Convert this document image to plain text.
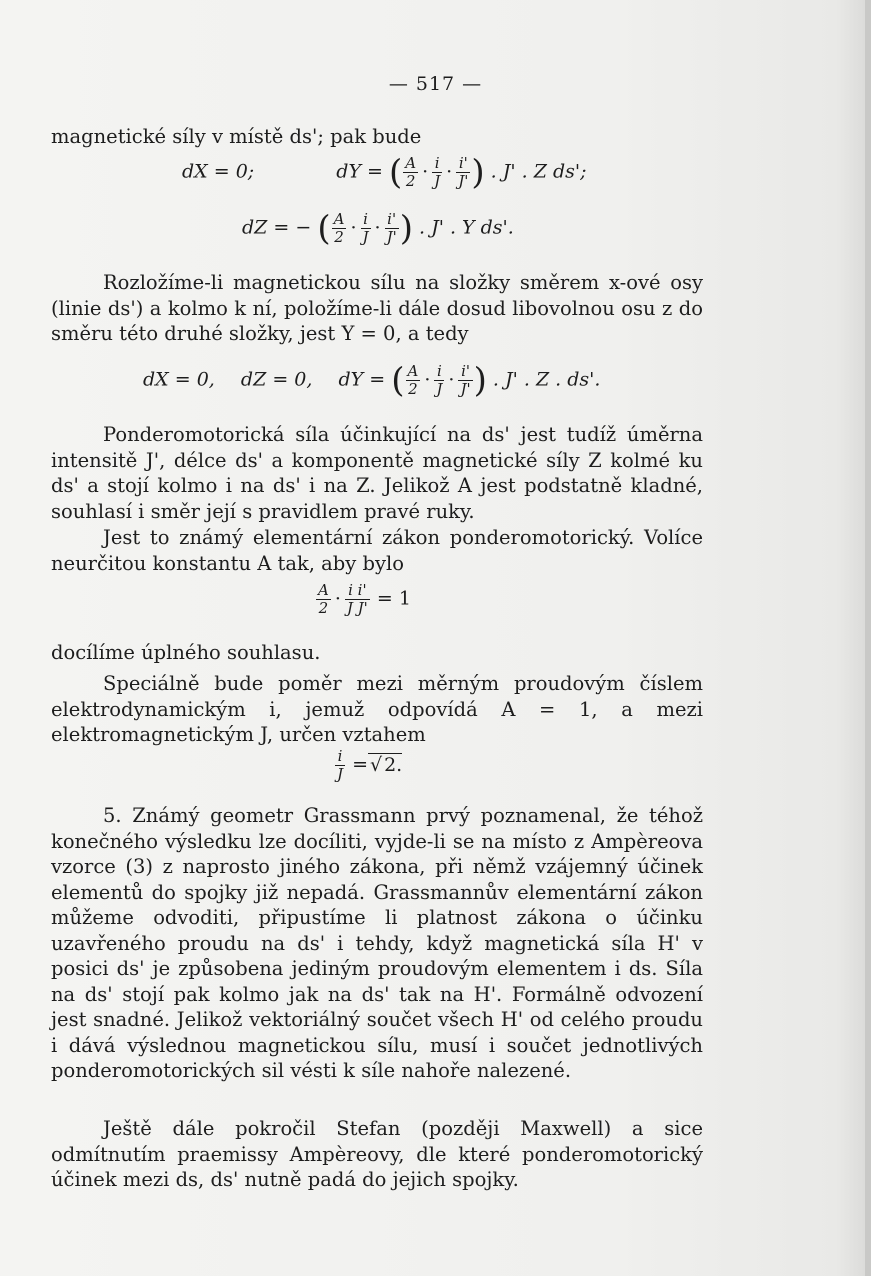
— 517 —

magnetické síly v místě ds'; pak bude

dX = 0;	dY = ( $\frac{A}{2} \cdot \frac{i}{J} \cdot \frac{i'}{J'}$ ) . J' . Z ds';
dZ = − ( $\frac{A}{2} \cdot \frac{i}{J} \cdot \frac{i'}{J'}$ ) . J' . Y ds'.

Rozložíme-li magnetickou sílu na složky směrem x-ové osy (linie ds') a kolmo k ní, položíme-li dále dosud libovolnou osu z do směru této druhé složky, jest Y = 0, a tedy

dX = 0, dZ = 0, dY = ( $\frac{A}{2} \cdot \frac{i}{J} \cdot \frac{i'}{J'}$ ) . J' . Z . ds'.

Ponderomotorická síla účinkující na ds' jest tudíž úměrna intensitě J', délce ds' a komponentě magnetické síly Z kolmé ku ds' a stojí kolmo i na ds' i na Z. Jelikož A jest podstatně kladné, souhlasí i směr její s pravidlem pravé ruky.

Jest to známý elementární zákon ponderomotorický. Volíce neurčitou konstantu A tak, aby bylo

$\frac{A}{2} \cdot \frac{\text{i i'}}{\text{J J'}} = 1$

docílíme úplného souhlasu.

Speciálně bude poměr mezi měrným proudovým číslem elektrodynamickým i, jemuž odpovídá A = 1, a mezi elektromagnetickým J, určen vztahem

$\frac{i}{J}$ = √ 2.

5. Známý geometr Grassmann prvý poznamenal, že téhož konečného výsledku lze docíliti, vyjde-li se na místo z Ampèreova vzorce (3) z naprosto jiného zákona, při němž vzájemný účinek elementů do spojky již nepadá. Grassmannův elementární zákon můžeme odvoditi, připustíme li platnost zákona o účinku uzavřeného proudu na ds' i tehdy, když magnetická síla H' v posici ds' je způsobena jediným proudovým elementem i ds. Síla na ds' stojí pak kolmo jak na ds' tak na H'. Formálně odvození jest snadné. Jelikož vektoriálný součet všech H' od celého proudu i dává výslednou magnetickou sílu, musí i součet jednotlivých ponderomotorických sil vésti k síle nahoře nalezené.

Ještě dále pokročil Stefan (později Maxwell) a sice odmítnutím praemissy Ampèreovy, dle které ponderomotorický účinek mezi ds, ds' nutně padá do jejich spojky.
